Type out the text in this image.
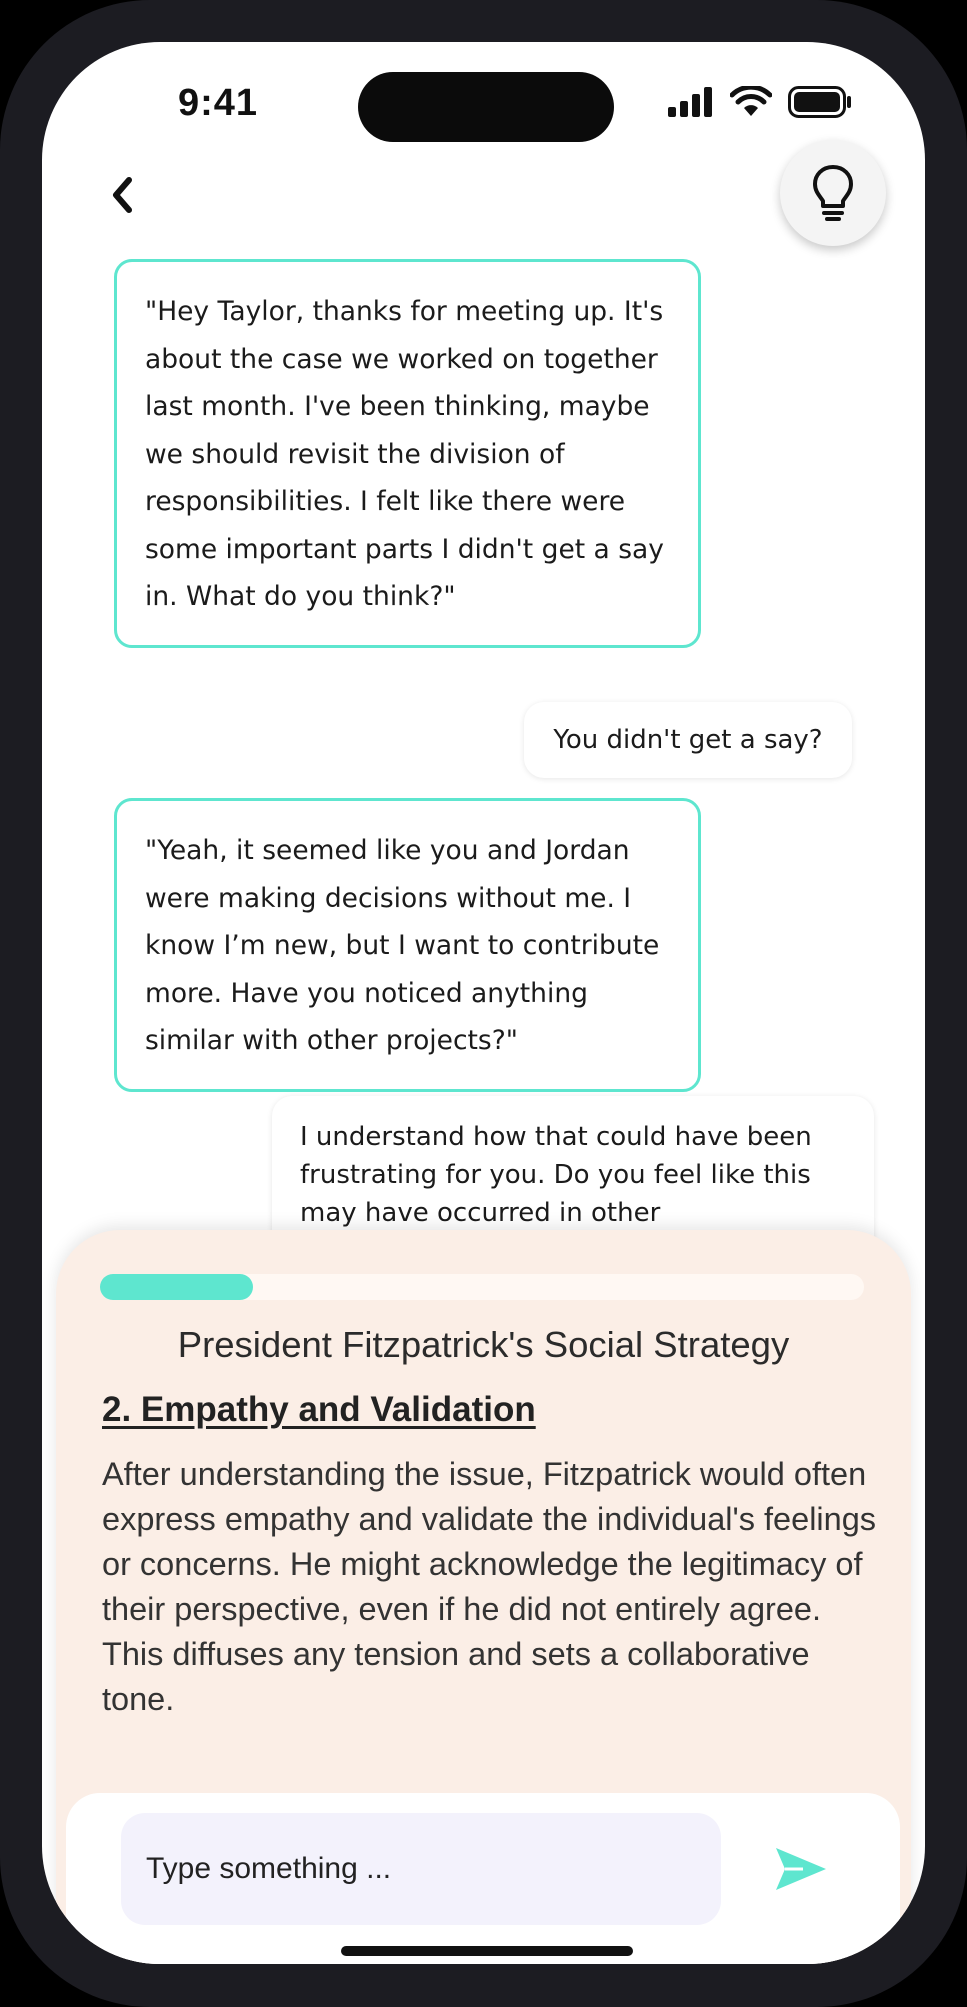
9:41
"Hey Taylor, thanks for meeting up. It's about the case we worked on together last month. I've been thinking, maybe we should revisit the division of responsibilities. I felt like there were some important parts I didn't get a say in. What do you think?"
You didn't get a say?
"Yeah, it seemed like you and Jordan were making decisions without me. I know I’m new, but I want to contribute more. Have you noticed anything similar with other projects?"
I understand how that could have been frustrating for you. Do you feel like this may have occurred in other
President Fitzpatrick's Social Strategy
2. Empathy and Validation
After understanding the issue, Fitzpatrick would often express empathy and validate the individual's feelings or concerns. He might acknowledge the legitimacy of their perspective, even if he did not entirely agree. This diffuses any tension and sets a collaborative tone.
Type something ...
